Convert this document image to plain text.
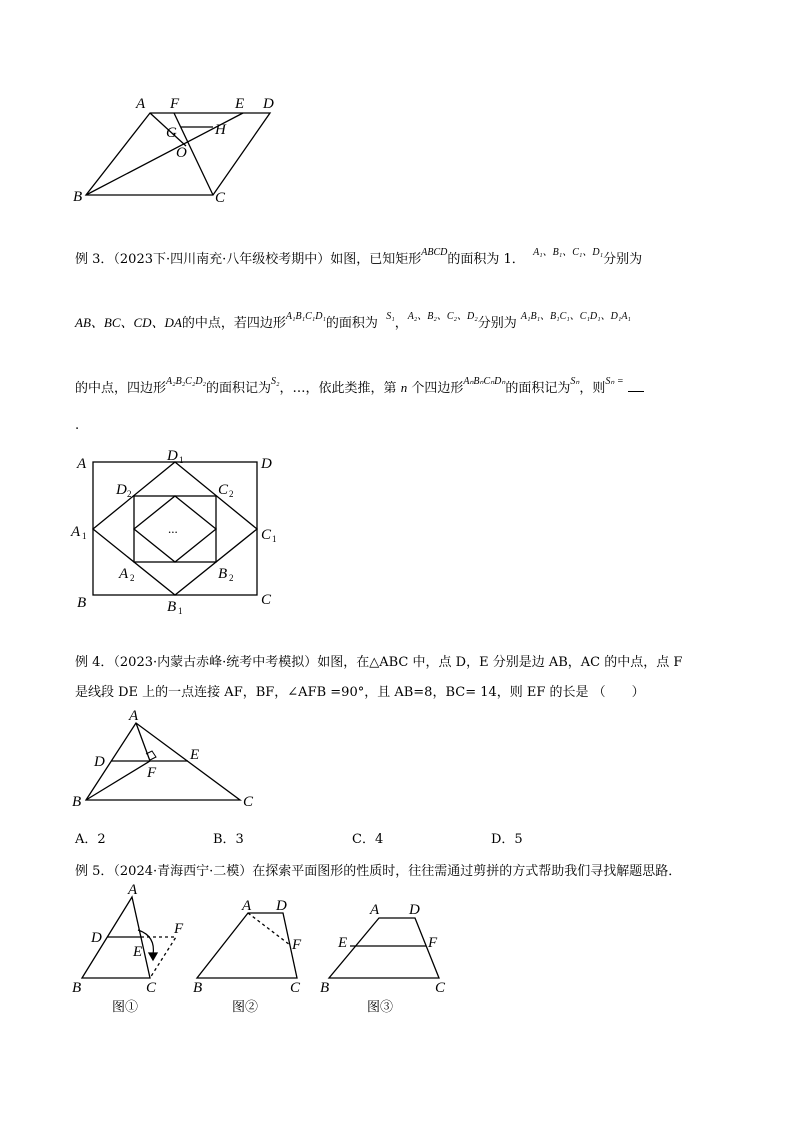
A F	E D
G	H
O
B	C
例 3．（2023下·四川南充·八年级校考期中）如图，已知矩形$^{ABCD}$的面积为 1． $^{A_1、B_1、C_1、D_1}$分别为
AB、BC、CD、DA的中点，若四边形$^{A_1B_1C_1D_1}$的面积为 $^{S_1}$，$^{A_2、B_2、C_2、D_2}$分别为 $^{A_1B_1、B_1C_1、C_1D_1、D_1A_1}$
的中点，四边形$^{A_2B_2C_2D_2}$的面积记为$^{S_2}$，…，依此类推，第 n 个四边形$^{A_nB_nC_nD_n}$的面积记为$^{S_n}$，则$^{S_n =}$
.
A	D
B	C
D 1
A 1	C 1
B 1
D 2	C 2
A 2	B 2
...
例 4．（2023·内蒙古赤峰·统考中考模拟）如图，在△ABC 中，点 D，E 分别是边 AB，AC 的中点，点 F
是线段 DE 上的一点连接 AF，BF，∠AFB =90°，且 AB=8，BC= 14，则 EF 的长是 （　　）
A
D	E
F
B	C
A．2	B．3	C．4	D．5
例 5．（2024·青海西宁·二模）在探索平面图形的性质时，往往需通过剪拼的方式帮助我们寻找解题思路．
A
D
E
F
B	C
A D
F
B	C
A D
E	F
B	C
图①	图②	图③
